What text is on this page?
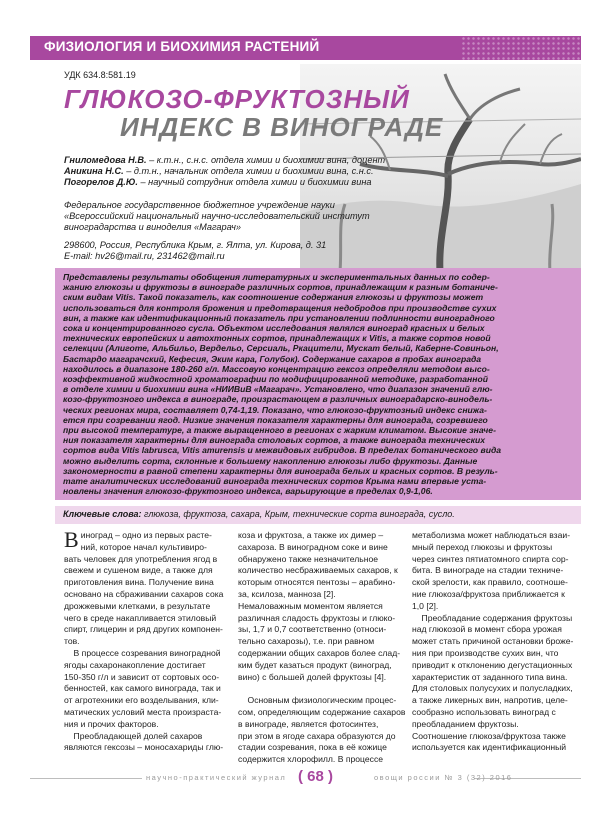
ФИЗИОЛОГИЯ И БИОХИМИЯ РАСТЕНИЙ
УДК 634.8:581.19
ГЛЮКОЗО-ФРУКТОЗНЫЙ
ИНДЕКС В ВИНОГРАДЕ
Гниломедова Н.В. – к.т.н., с.н.с. отдела химии и биохимии вина, доцент
Аникина Н.С. – д.т.н., начальник отдела химии и биохимии вина, с.н.с.
Погорелов Д.Ю. – научный сотрудник отдела химии и биохимии вина
Федеральное государственное бюджетное учреждение науки
«Всероссийский национальный научно-исследовательский институт
виноградарства и виноделия «Магарач»
298600, Россия, Республика Крым, г. Ялта, ул. Кирова, д. 31
E-mail: hv26@mail.ru, 231462@mail.ru
Представлены результаты обобщения литературных и экспериментальных данных по содер-
жанию глюкозы и фруктозы в винограде различных сортов, принадлежащим к разным ботаниче-
ским видам Vitis. Такой показатель, как соотношение содержания глюкозы и фруктозы может
использоваться для контроля брожения и предотвращения недобродов при производстве сухих
вин, а также как идентификационный показатель при установлении подлинности виноградного
сока и концентрированного сусла. Объектом исследования являлся виноград красных и белых
технических европейских и автохтонных сортов, принадлежащих к Vitis, а также сортов новой
селекции (Алиготе, Альбильо, Вердельо, Серсиаль, Ркацители, Мускат белый, Каберне-Совиньон,
Бастардо магарачский, Кефесия, Эким кара, Голубок). Содержание сахаров в пробах винограда
находилось в диапазоне 180-260 г/л. Массовую концентрацию гексоз определяли методом высо-
коэффективной жидкостной хроматографии по модифицированной методике, разработанной
в отделе химии и биохимии вина «НИИВиВ «Магарач». Установлено, что диапазон значений глю-
козо-фруктозного индекса в винограде, произрастающем в различных виноградарско-винодель-
ческих регионах мира, составляет 0,74-1,19. Показано, что глюкозо-фруктозный индекс снижа-
ется при созревании ягод. Низкие значения показателя характерны для винограда, созревшего
при высокой температуре, а также выращенного в регионах с жарким климатом. Высокие значе-
ния показателя характерны для винограда столовых сортов, а также винограда технических
сортов вида Vitis labrusca, Vitis amurensis и межвидовых гибридов. В пределах ботанического вида
можно выделить сорта, склонные к большему накоплению глюкозы либо фруктозы. Данные
закономерности в равной степени характерны для винограда белых и красных сортов. В резуль-
тате аналитических исследований винограда технических сортов Крыма нами впервые уста-
новлены значения глюкозо-фруктозного индекса, варьирующие в пределах 0,9-1,06.
Ключевые слова: глюкоза, фруктоза, сахара, Крым, технические сорта винограда, сусло.
В иноград – одно из первых расте-
ний, которое начал культивиро-
вать человек для употребления ягод в
свежем и сушеном виде, а также для
приготовления вина. Получение вина
основано на сбраживании сахаров сока
дрожжевыми клетками, в результате
чего в среде накапливается этиловый
спирт, глицерин и ряд других компонен-
тов.
В процессе созревания виноградной
ягоды сахаронакопление достигает
150-350 г/л и зависит от сортовых осо-
бенностей, как самого винограда, так и
от агротехники его возделывания, кли-
матических условий места произраста-
ния и прочих факторов.
Преобладающей долей сахаров
являются гексозы – моносахариды глю-
коза и фруктоза, а также их димер –
сахароза. В виноградном соке и вине
обнаружено также незначительное
количество несбраживаемых сахаров, к
которым относятся пентозы – арабино-
за, ксилоза, манноза [2].
Немаловажным моментом является
различная сладость фруктозы и глюко-
зы, 1,7 и 0,7 соответственно (относи-
тельно сахарозы), т.е. при равном
содержании общих сахаров более слад-
ким будет казаться продукт (виноград,
вино) с большей долей фруктозы [4].
Основным физиологическим процес-
сом, определяющим содержание сахаров
в винограде, является фотосинтез,
при этом в ягоде сахара образуются до
стадии созревания, пока в её кожице
содержится хлорофилл. В процессе
метаболизма может наблюдаться взаи-
мный переход глюкозы и фруктозы
через синтез пятиатомного спирта сор-
бита. В винограде на стадии техниче-
ской зрелости, как правило, соотноше-
ние глюкоза/фруктоза приближается к
1,0 [2].
Преобладание содержания фруктозы
над глюкозой в момент сбора урожая
может стать причиной остановки броже-
ния при производстве сухих вин, что
приводит к отклонению дегустационных
характеристик от заданного типа вина.
Для столовых полусухих и полусладких,
а также ликерных вин, напротив, целе-
сообразно использовать виноград с
преобладанием фруктозы.
Соотношение глюкоза/фруктоза также
используется как идентификационный
научно-практический журнал ( 68 )	овощи россии № 3 (32) 2016
